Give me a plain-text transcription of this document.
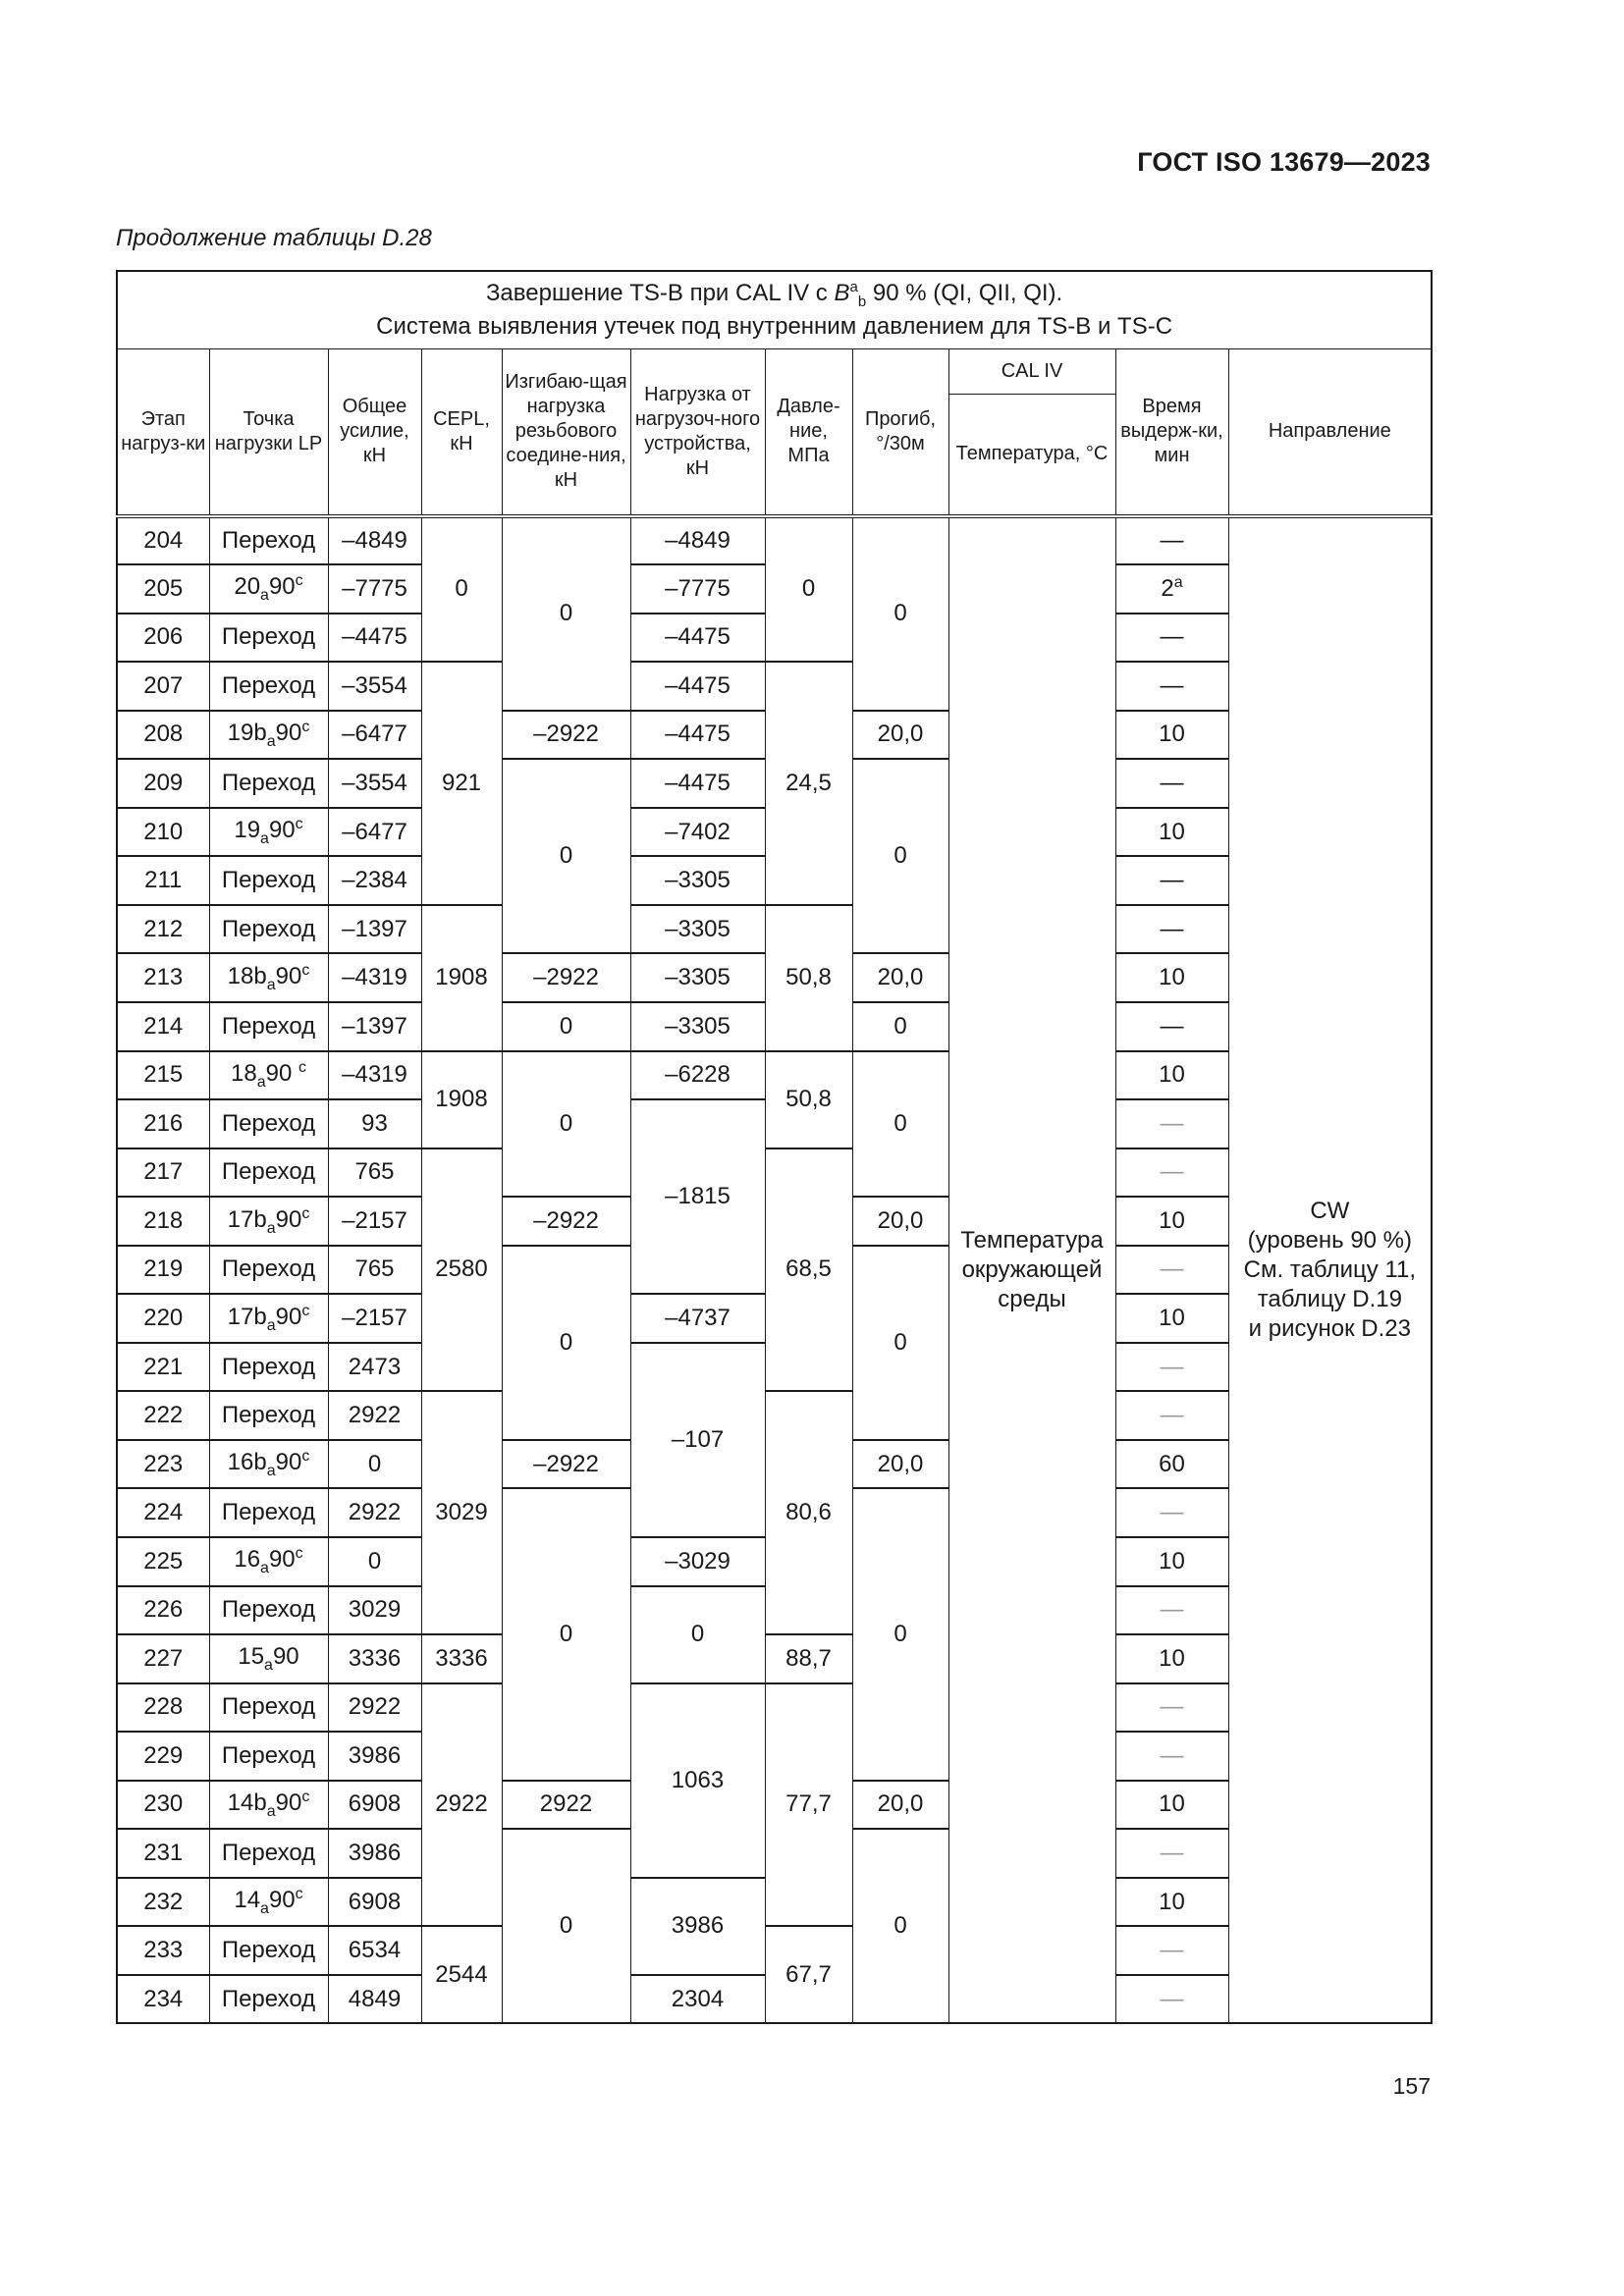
ГОСТ ISO 13679—2023
Продолжение таблицы D.28
Завершение TS-B при CAL IV с $B^a_b$ 90 % (QI, QII, QI).
Система выявления утечек под внутренним давлением для TS-B и TS-C										
Этап нагруз-ки	Точка нагрузки LP	Общее усилие, кН	CEPL, кН	Изгибаю-щая нагрузка резьбового соедине-ния, кН	Нагрузка от нагрузоч-ного устройства, кН	Давле-ние, МПа	Прогиб, °/30м	CAL IV	Время выдерж-ки, мин	Направление
								Температура, °С		
204	Переход	–4849	0	0	–4849	0	0	Температура окружающей среды	—	CW
(уровень 90 %)
См. таблицу 11,
таблицу D.19
и рисунок D.23

205	$20_a90^c$	–7775			–7775				2$^a$
206	Переход	–4475			–4475				—	
207	Переход	–3554	921		–4475	24,5			—	
208	$19b_a90^c$	–6477		–2922	–4475		20,0		10	
209	Переход	–3554		0	–4475		0		—	
210	$19_a90^c$	–6477			–7402				10	
211	Переход	–2384			–3305				—	
212	Переход	–1397	1908		–3305	50,8			—	
213	$18b_a90^c$	–4319		–2922	–3305		20,0		10	
214	Переход	–1397		0	–3305		0		—	
215	$18_a90$ $^c$	–4319	1908	0	–6228	50,8	0		10	
216	Переход	93			–1815				—	
217	Переход	765	2580			68,5			—	
218	$17b_a90^c$	–2157		–2922			20,0		10	
219	Переход	765		0			0		—	
220	$17b_a90^c$	–2157			–4737				10	
221	Переход	2473			–107				—	
222	Переход	2922	3029			80,6			—	
223	$16b_a90^c$	0		–2922			20,0		60	
224	Переход	2922		0			0		—	
225	$16_a90^c$	0			–3029				10	
226	Переход	3029			0				—	
227	$15_a90$	3336	3336			88,7			10	
228	Переход	2922	2922		1063	77,7			—	
229	Переход	3986							—	
230	$14b_a90^c$	6908		2922			20,0		10	
231	Переход	3986		0			0		—	
232	$14_a90^c$	6908			3986				10	
233	Переход	6534	2544			67,7			—	
234	Переход	4849			2304				—	
157
